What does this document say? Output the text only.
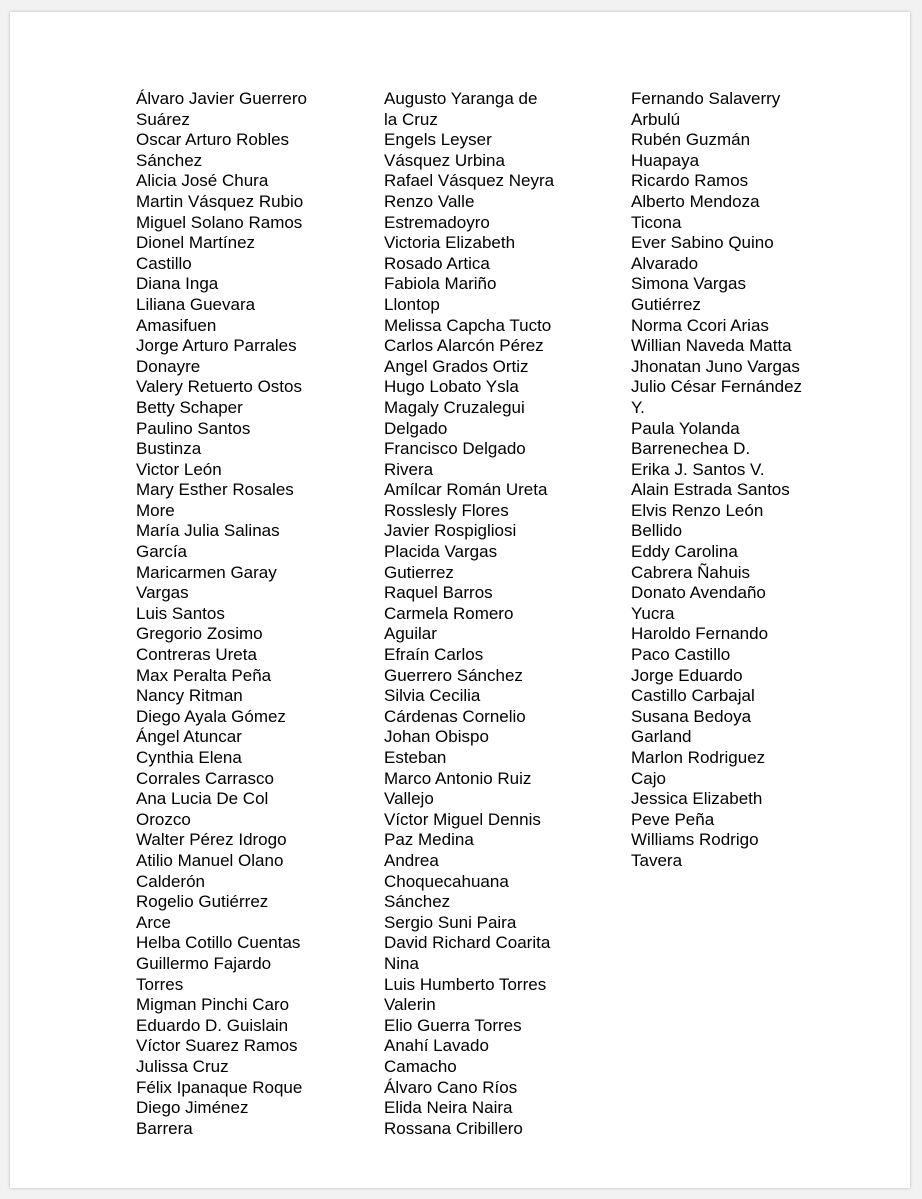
Álvaro Javier Guerrero
Suárez
Oscar Arturo Robles
Sánchez
Alicia José Chura
Martin Vásquez Rubio
Miguel Solano Ramos
Dionel Martínez
Castillo
Diana Inga
Liliana Guevara
Amasifuen
Jorge Arturo Parrales
Donayre
Valery Retuerto Ostos
Betty Schaper
Paulino Santos
Bustinza
Victor León
Mary Esther Rosales
More
María Julia Salinas
García
Maricarmen Garay
Vargas
Luis Santos
Gregorio Zosimo
Contreras Ureta
Max Peralta Peña
Nancy Ritman
Diego Ayala Gómez
Ángel Atuncar
Cynthia Elena
Corrales Carrasco
Ana Lucia De Col
Orozco
Walter Pérez Idrogo
Atilio Manuel Olano
Calderón
Rogelio Gutiérrez
Arce
Helba Cotillo Cuentas
Guillermo Fajardo
Torres
Migman Pinchi Caro
Eduardo D. Guislain
Víctor Suarez Ramos
Julissa Cruz
Félix Ipanaque Roque
Diego Jiménez
Barrera
Augusto Yaranga de
la Cruz
Engels Leyser
Vásquez Urbina
Rafael Vásquez Neyra
Renzo Valle
Estremadoyro
Victoria Elizabeth
Rosado Artica
Fabiola Mariño
Llontop
Melissa Capcha Tucto
Carlos Alarcón Pérez
Angel Grados Ortiz
Hugo Lobato Ysla
Magaly Cruzalegui
Delgado
Francisco Delgado
Rivera
Amílcar Román Ureta
Rosslesly Flores
Javier Rospigliosi
Placida Vargas
Gutierrez
Raquel Barros
Carmela Romero
Aguilar
Efraín Carlos
Guerrero Sánchez
Silvia Cecilia
Cárdenas Cornelio
Johan Obispo
Esteban
Marco Antonio Ruiz
Vallejo
Víctor Miguel Dennis
Paz Medina
Andrea
Choquecahuana
Sánchez
Sergio Suni Paira
David Richard Coarita
Nina
Luis Humberto Torres
Valerin
Elio Guerra Torres
Anahí Lavado
Camacho
Álvaro Cano Ríos
Elida Neira Naira
Rossana Cribillero
Fernando Salaverry
Arbulú
Rubén Guzmán
Huapaya
Ricardo Ramos
Alberto Mendoza
Ticona
Ever Sabino Quino
Alvarado
Simona Vargas
Gutiérrez
Norma Ccori Arias
Willian Naveda Matta
Jhonatan Juno Vargas
Julio César Fernández
Y.
Paula Yolanda
Barrenechea D.
Erika J. Santos V.
Alain Estrada Santos
Elvis Renzo León
Bellido
Eddy Carolina
Cabrera Ñahuis
Donato Avendaño
Yucra
Haroldo Fernando
Paco Castillo
Jorge Eduardo
Castillo Carbajal
Susana Bedoya
Garland
Marlon Rodriguez
Cajo
Jessica Elizabeth
Peve Peña
Williams Rodrigo
Tavera
